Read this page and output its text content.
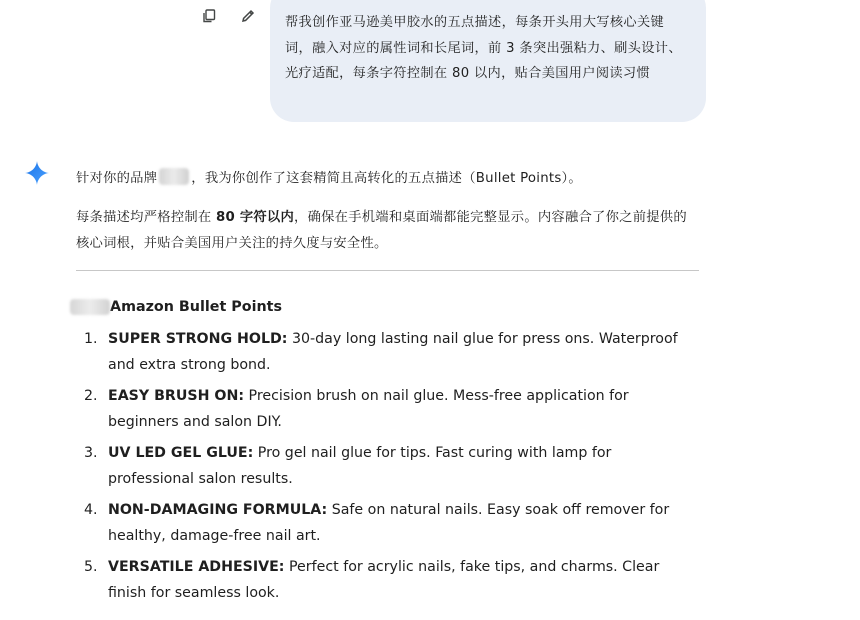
帮我创作亚马逊美甲胶水的五点描述，每条开头用大写核心关键词，融入对应的属性词和长尾词，前 3 条突出强粘力、刷头设计、光疗适配，每条字符控制在 80 以内，贴合美国用户阅读习惯

针对你的品牌	，我为你创作了这套精简且高转化的五点描述（Bullet Points）。

每条描述均严格控制在 80 字符以内，确保在手机端和桌面端都能完整显示。内容融合了你之前提供的核心词根，并贴合美国用户关注的持久度与安全性。

Amazon Bullet Points
1. SUPER STRONG HOLD: 30-day long lasting nail glue for press ons. Waterproof and extra strong bond.
2. EASY BRUSH ON: Precision brush on nail glue. Mess-free application for beginners and salon DIY.
3. UV LED GEL GLUE: Pro gel nail glue for tips. Fast curing with lamp for professional salon results.
4. NON-DAMAGING FORMULA: Safe on natural nails. Easy soak off remover for healthy, damage-free nail art.
5. VERSATILE ADHESIVE: Perfect for acrylic nails, fake tips, and charms. Clear finish for seamless look.
